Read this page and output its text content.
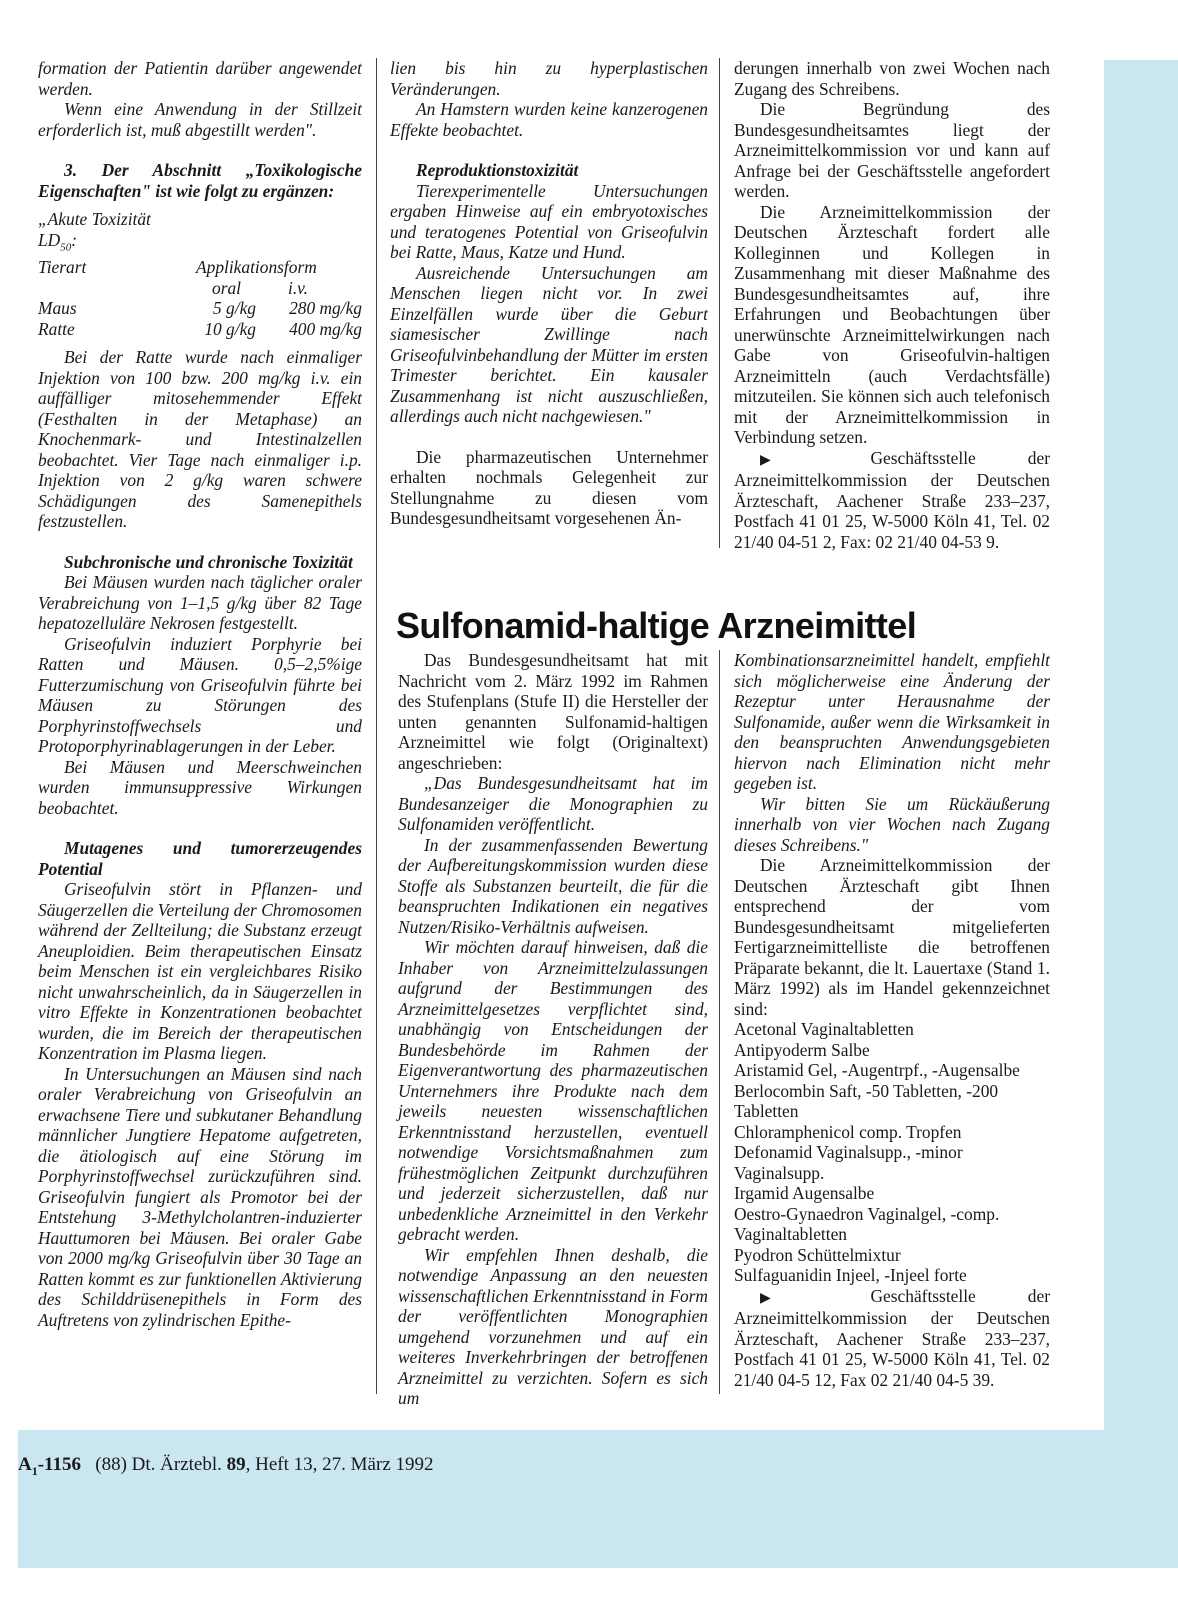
formation der Patientin darüber angewendet werden.

Wenn eine Anwendung in der Stillzeit erforderlich ist, muß abgestillt werden".

3. Der Abschnitt „Toxikologische Eigenschaften" ist wie folgt zu ergänzen:

„Akute Toxizität

$LD_{50}$:

Tierart	Applikationsform	
	oral	i.v.
Maus	5 g/kg	280 mg/kg
Ratte	10 g/kg	400 mg/kg

Bei der Ratte wurde nach einmaliger Injektion von 100 bzw. 200 mg/kg i.v. ein auffälliger mitosehemmender Effekt (Festhalten in der Metaphase) an Knochenmark- und Intestinalzellen beobachtet. Vier Tage nach einmaliger i.p. Injektion von 2 g/kg waren schwere Schädigungen des Samenepithels festzustellen.

Subchronische und chronische Toxizität

Bei Mäusen wurden nach täglicher oraler Verabreichung von 1–1,5 g/kg über 82 Tage hepatozelluläre Nekrosen festgestellt.

Griseofulvin induziert Porphyrie bei Ratten und Mäusen. 0,5–2,5%ige Futterzumischung von Griseofulvin führte bei Mäusen zu Störungen des Porphyrinstoffwechsels und Protoporphyrinablagerungen in der Leber.

Bei Mäusen und Meerschweinchen wurden immunsuppressive Wirkungen beobachtet.

Mutagenes und tumorerzeugendes Potential

Griseofulvin stört in Pflanzen- und Säugerzellen die Verteilung der Chromosomen während der Zellteilung; die Substanz erzeugt Aneuploidien. Beim therapeutischen Einsatz beim Menschen ist ein vergleichbares Risiko nicht unwahrscheinlich, da in Säugerzellen in vitro Effekte in Konzentrationen beobachtet wurden, die im Bereich der therapeutischen Konzentration im Plasma liegen.

In Untersuchungen an Mäusen sind nach oraler Verabreichung von Griseofulvin an erwachsene Tiere und subkutaner Behandlung männlicher Jungtiere Hepatome aufgetreten, die ätiologisch auf eine Störung im Porphyrinstoffwechsel zurückzuführen sind. Griseofulvin fungiert als Promotor bei der Entstehung 3-Methylcholantren-induzierter Hauttumoren bei Mäusen. Bei oraler Gabe von 2000 mg/kg Griseofulvin über 30 Tage an Ratten kommt es zur funktionellen Aktivierung des Schilddrüsenepithels in Form des Auftretens von zylindrischen Epithe-

lien bis hin zu hyperplastischen Veränderungen.

An Hamstern wurden keine kanzerogenen Effekte beobachtet.

Reproduktionstoxizität

Tierexperimentelle Untersuchungen ergaben Hinweise auf ein embryotoxisches und teratogenes Potential von Griseofulvin bei Ratte, Maus, Katze und Hund.

Ausreichende Untersuchungen am Menschen liegen nicht vor. In zwei Einzelfällen wurde über die Geburt siamesischer Zwillinge nach Griseofulvinbehandlung der Mütter im ersten Trimester berichtet. Ein kausaler Zusammenhang ist nicht auszuschließen, allerdings auch nicht nachgewiesen."

Die pharmazeutischen Unternehmer erhalten nochmals Gelegenheit zur Stellungnahme zu diesen vom Bundesgesundheitsamt vorgesehenen Än-

derungen innerhalb von zwei Wochen nach Zugang des Schreibens.

Die Begründung des Bundesgesundheitsamtes liegt der Arzneimittelkommission vor und kann auf Anfrage bei der Geschäftsstelle angefordert werden.

Die Arzneimittelkommission der Deutschen Ärzteschaft fordert alle Kolleginnen und Kollegen in Zusammenhang mit dieser Maßnahme des Bundesgesundheitsamtes auf, ihre Erfahrungen und Beobachtungen über unerwünschte Arzneimittelwirkungen nach Gabe von Griseofulvin-haltigen Arzneimitteln (auch Verdachtsfälle) mitzuteilen. Sie können sich auch telefonisch mit der Arzneimittelkommission in Verbindung setzen.

▶	Geschäftsstelle der Arzneimittelkommission der Deutschen Ärzteschaft, Aachener Straße 233–237, Postfach 41 01 25, W-5000 Köln 41, Tel. 02 21/40 04-51 2, Fax: 02 21/40 04-53 9.

Sulfonamid-haltige Arzneimittel

Das Bundesgesundheitsamt hat mit Nachricht vom 2. März 1992 im Rahmen des Stufenplans (Stufe II) die Hersteller der unten genannten Sulfonamid-haltigen Arzneimittel wie folgt (Originaltext) angeschrieben:

„Das Bundesgesundheitsamt hat im Bundesanzeiger die Monographien zu Sulfonamiden veröffentlicht.

In der zusammenfassenden Bewertung der Aufbereitungskommission wurden diese Stoffe als Substanzen beurteilt, die für die beanspruchten Indikationen ein negatives Nutzen/Risiko-Verhältnis aufweisen.

Wir möchten darauf hinweisen, daß die Inhaber von Arzneimittelzulassungen aufgrund der Bestimmungen des Arzneimittelgesetzes verpflichtet sind, unabhängig von Entscheidungen der Bundesbehörde im Rahmen der Eigenverantwortung des pharmazeutischen Unternehmers ihre Produkte nach dem jeweils neuesten wissenschaftlichen Erkenntnisstand herzustellen, eventuell notwendige Vorsichtsmaßnahmen zum frühestmöglichen Zeitpunkt durchzuführen und jederzeit sicherzustellen, daß nur unbedenkliche Arzneimittel in den Verkehr gebracht werden.

Wir empfehlen Ihnen deshalb, die notwendige Anpassung an den neuesten wissenschaftlichen Erkenntnisstand in Form der veröffentlichten Monographien umgehend vorzunehmen und auf ein weiteres Inverkehrbringen der betroffenen Arzneimittel zu verzichten. Sofern es sich um

Kombinationsarzneimittel handelt, empfiehlt sich möglicherweise eine Änderung der Rezeptur unter Herausnahme der Sulfonamide, außer wenn die Wirksamkeit in den beanspruchten Anwendungsgebieten hiervon nach Elimination nicht mehr gegeben ist.

Wir bitten Sie um Rückäußerung innerhalb von vier Wochen nach Zugang dieses Schreibens."

Die Arzneimittelkommission der Deutschen Ärzteschaft gibt Ihnen entsprechend der vom Bundesgesundheitsamt mitgelieferten Fertigarzneimittelliste die betroffenen Präparate bekannt, die lt. Lauertaxe (Stand 1. März 1992) als im Handel gekennzeichnet sind:

Acetonal Vaginaltabletten

Antipyoderm Salbe

Aristamid Gel, -Augentrpf., -Augensalbe

Berlocombin Saft, -50 Tabletten, -200 Tabletten

Chloramphenicol comp. Tropfen

Defonamid Vaginalsupp., -minor Vaginalsupp.

Irgamid Augensalbe

Oestro-Gynaedron Vaginalgel, -comp. Vaginaltabletten

Pyodron Schüttelmixtur

Sulfaguanidin Injeel, -Injeel forte

▶	Geschäftsstelle der Arzneimittelkommission der Deutschen Ärzteschaft, Aachener Straße 233–237, Postfach 41 01 25, W-5000 Köln 41, Tel. 02 21/40 04-5 12, Fax 02 21/40 04-5 39.

$A_1-1156$ (88) Dt. Ärztebl. 89, Heft 13, 27. März 1992
